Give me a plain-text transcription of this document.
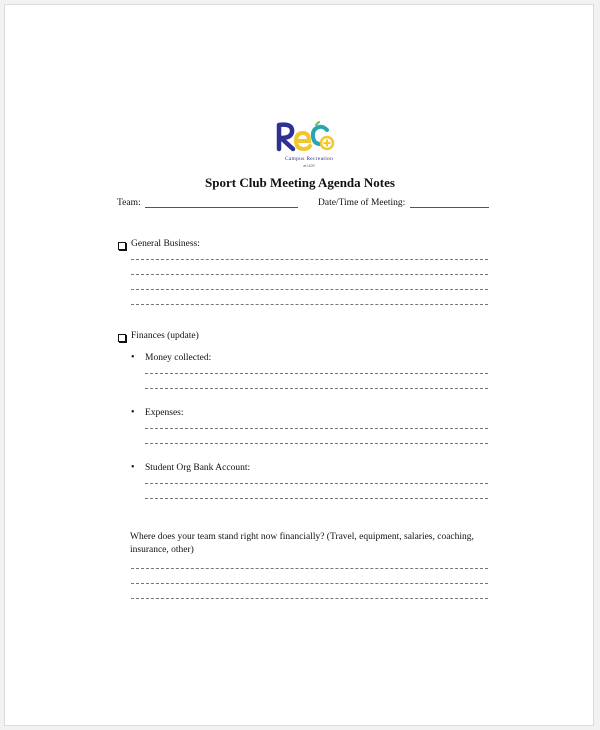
Campus Recreation
at UCR
Sport Club Meeting Agenda Notes
Team:	Date/Time of Meeting:
General Business:
Finances (update)
• Money collected:
• Expenses:
• Student Org Bank Account:
Where does your team stand right now financially? (Travel, equipment, salaries, coaching, insurance, other)
